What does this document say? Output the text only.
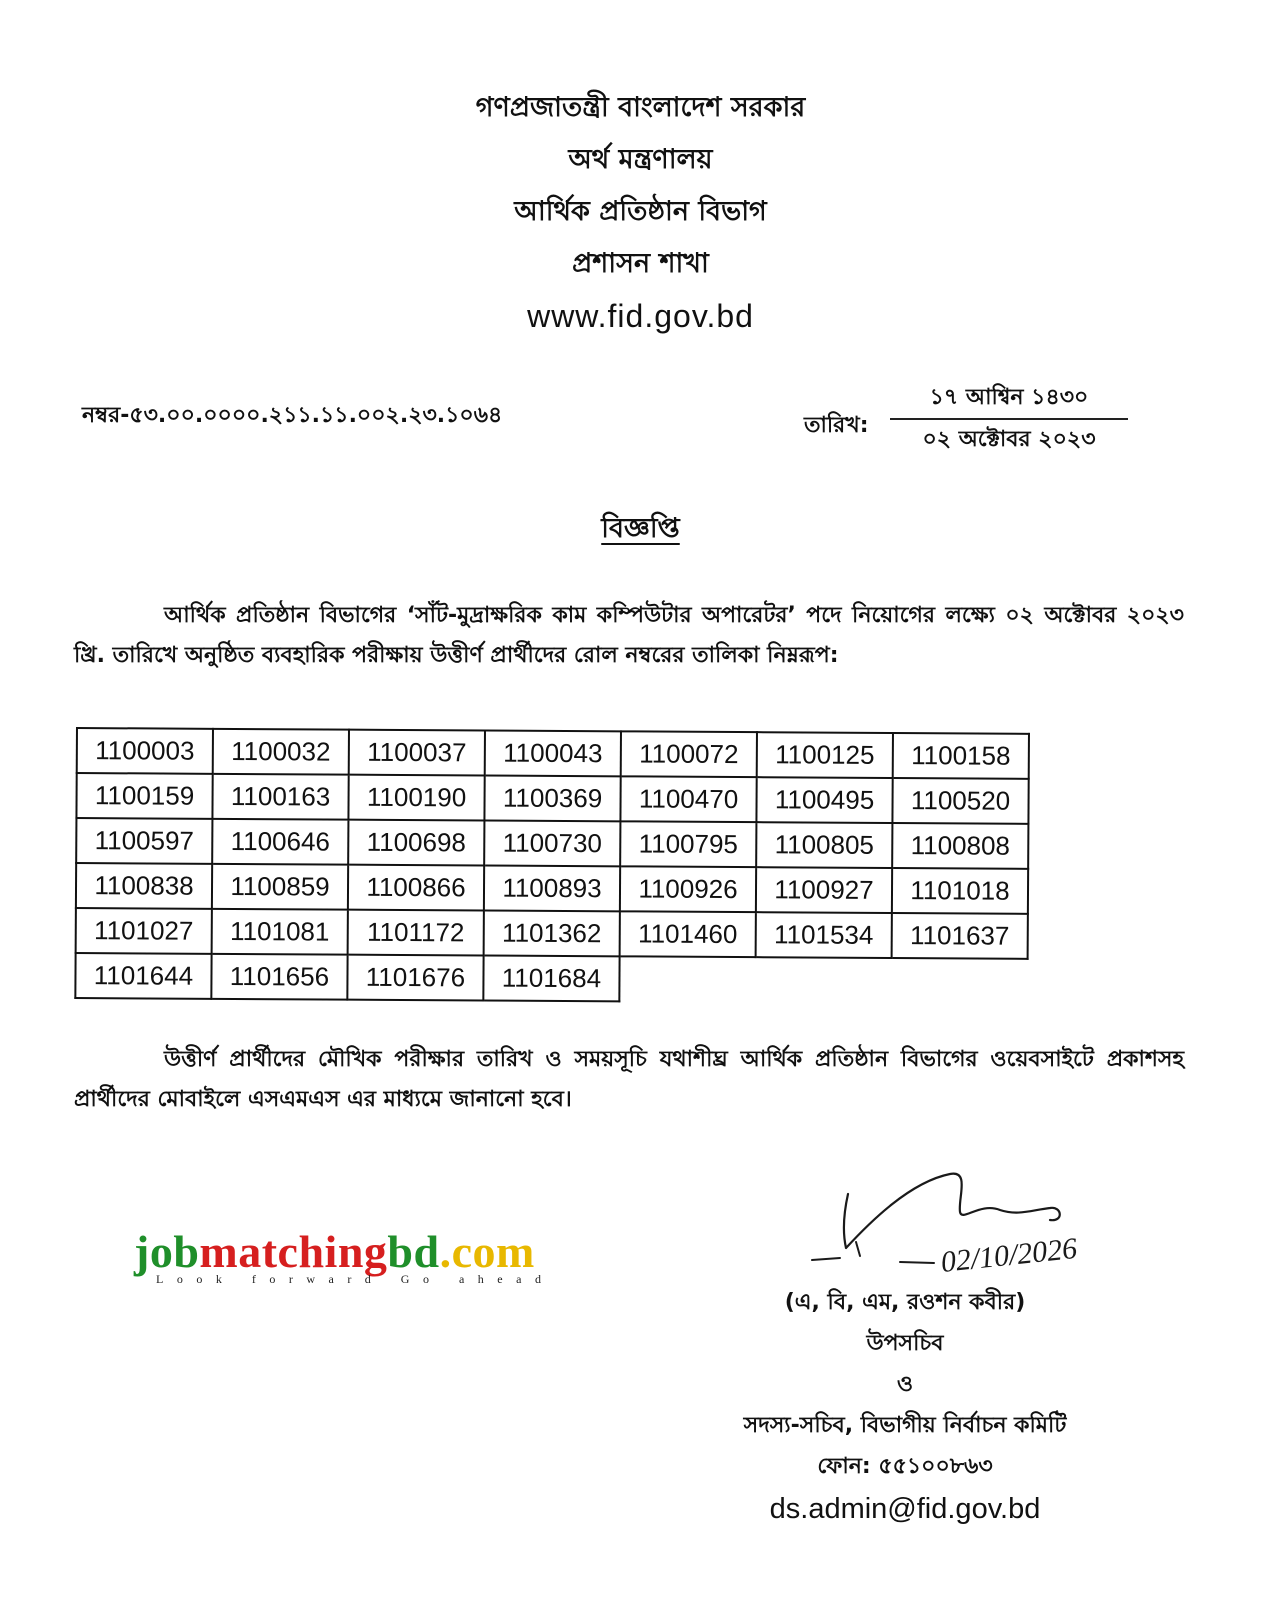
গণপ্রজাতন্ত্রী বাংলাদেশ সরকার
অর্থ মন্ত্রণালয়
আর্থিক প্রতিষ্ঠান বিভাগ
প্রশাসন শাখা
www.fid.gov.bd
নম্বর-৫৩.০০.০০০০.২১১.১১.০০২.২৩.১০৬৪	তারিখ:
১৭ আশ্বিন ১৪৩০
০২ অক্টোবর ২০২৩
বিজ্ঞপ্তি
আর্থিক প্রতিষ্ঠান বিভাগের ‘সাঁট-মুদ্রাক্ষরিক কাম কম্পিউটার অপারেটর’ পদে নিয়োগের লক্ষ্যে ০২ অক্টোবর ২০২৩ খ্রি. তারিখে অনুষ্ঠিত ব্যবহারিক পরীক্ষায় উত্তীর্ণ প্রার্থীদের রোল নম্বরের তালিকা নিম্নরূপ:
1100003	1100032	1100037	1100043	1100072	1100125	1100158
1100159	1100163	1100190	1100369	1100470	1100495	1100520
1100597	1100646	1100698	1100730	1100795	1100805	1100808
1100838	1100859	1100866	1100893	1100926	1100927	1101018
1101027	1101081	1101172	1101362	1101460	1101534	1101637
1101644	1101656	1101676	1101684			
উত্তীর্ণ প্রার্থীদের মৌখিক পরীক্ষার তারিখ ও সময়সূচি যথাশীঘ্র আর্থিক প্রতিষ্ঠান বিভাগের ওয়েবসাইটে প্রকাশসহ প্রার্থীদের মোবাইলে এসএমএস এর মাধ্যমে জানানো হবে।
jobmatchingbd.com
Look forward Go ahead
02/10/2026
(এ, বি, এম, রওশন কবীর)
উপসচিব
ও
সদস্য-সচিব, বিভাগীয় নির্বাচন কমিটি
ফোন: ৫৫১০০৮৬৩
ds.admin@fid.gov.bd
